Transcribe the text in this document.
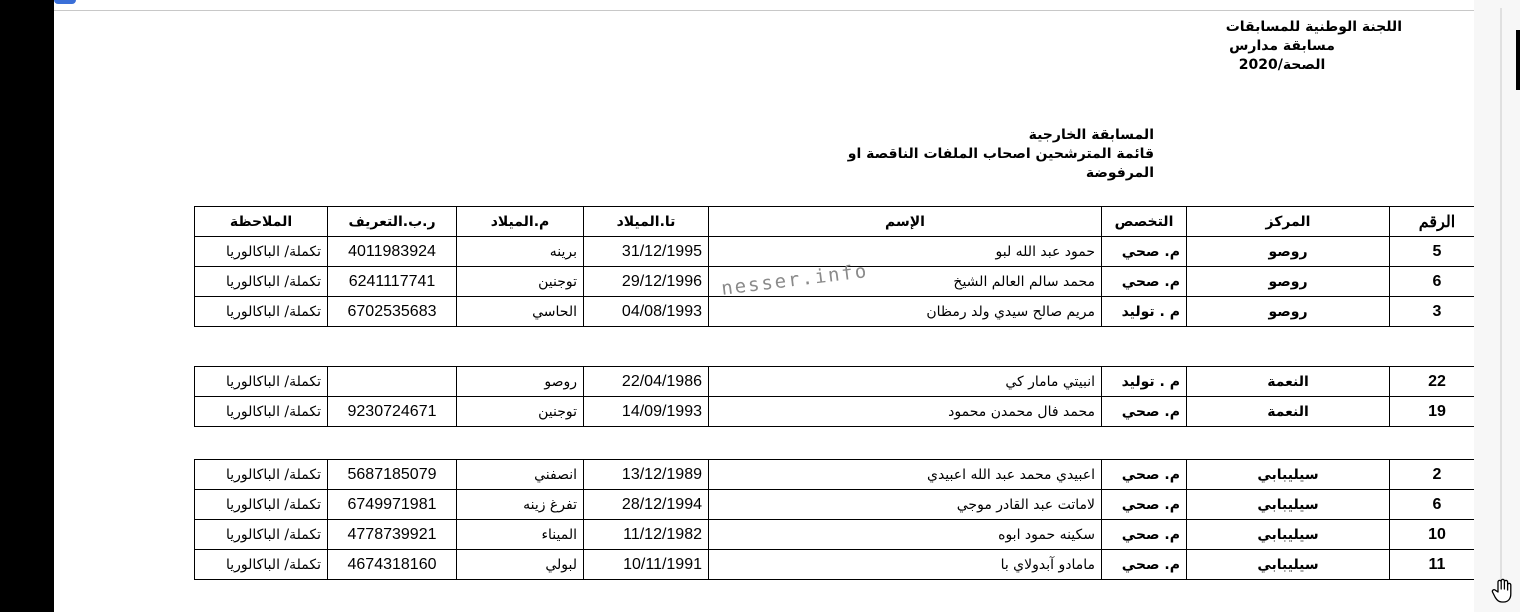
اللجنة الوطنية للمسابقات
مسابقة مدارس
الصحة/2020
المسابقة الخارجية
قائمة المترشحين اصحاب الملفات الناقصة او
المرفوضة
الرقم	المركز	التخصص	الإسم	تا.الميلاد	م.الميلاد	ر.ب.التعريف	الملاحظة
5	روصو	م. صحي	حمود عبد الله لبو	31/12/1995	برينه	4011983924	تكملة/ الباكالوريا
6	روصو	م. صحي	محمد سالم العالم الشيخ	29/12/1996	توجنين	6241117741	تكملة/ الباكالوريا
3	روصو	م . توليد	مريم صالح سيدي ولد رمظان	04/08/1993	الحاسي	6702535683	تكملة/ الباكالوريا
22	النعمة	م . توليد	انبيتي مامار كي	22/04/1986	روصو		تكملة/ الباكالوريا
19	النعمة	م. صحي	محمد فال محمدن محمود	14/09/1993	توجنين	9230724671	تكملة/ الباكالوريا
2	سيليبابي	م. صحي	اعبيدي محمد عبد الله اعبيدي	13/12/1989	انصفني	5687185079	تكملة/ الباكالوريا
6	سيليبابي	م. صحي	لاماتت عبد القادر موجي	28/12/1994	تفرغ زينه	6749971981	تكملة/ الباكالوريا
10	سيليبابي	م. صحي	سكينه حمود ابوه	11/12/1982	الميناء	4778739921	تكملة/ الباكالوريا
11	سيليبابي	م. صحي	مامادو آبدولاي با	10/11/1991	لبولي	4674318160	تكملة/ الباكالوريا
nesser.info
